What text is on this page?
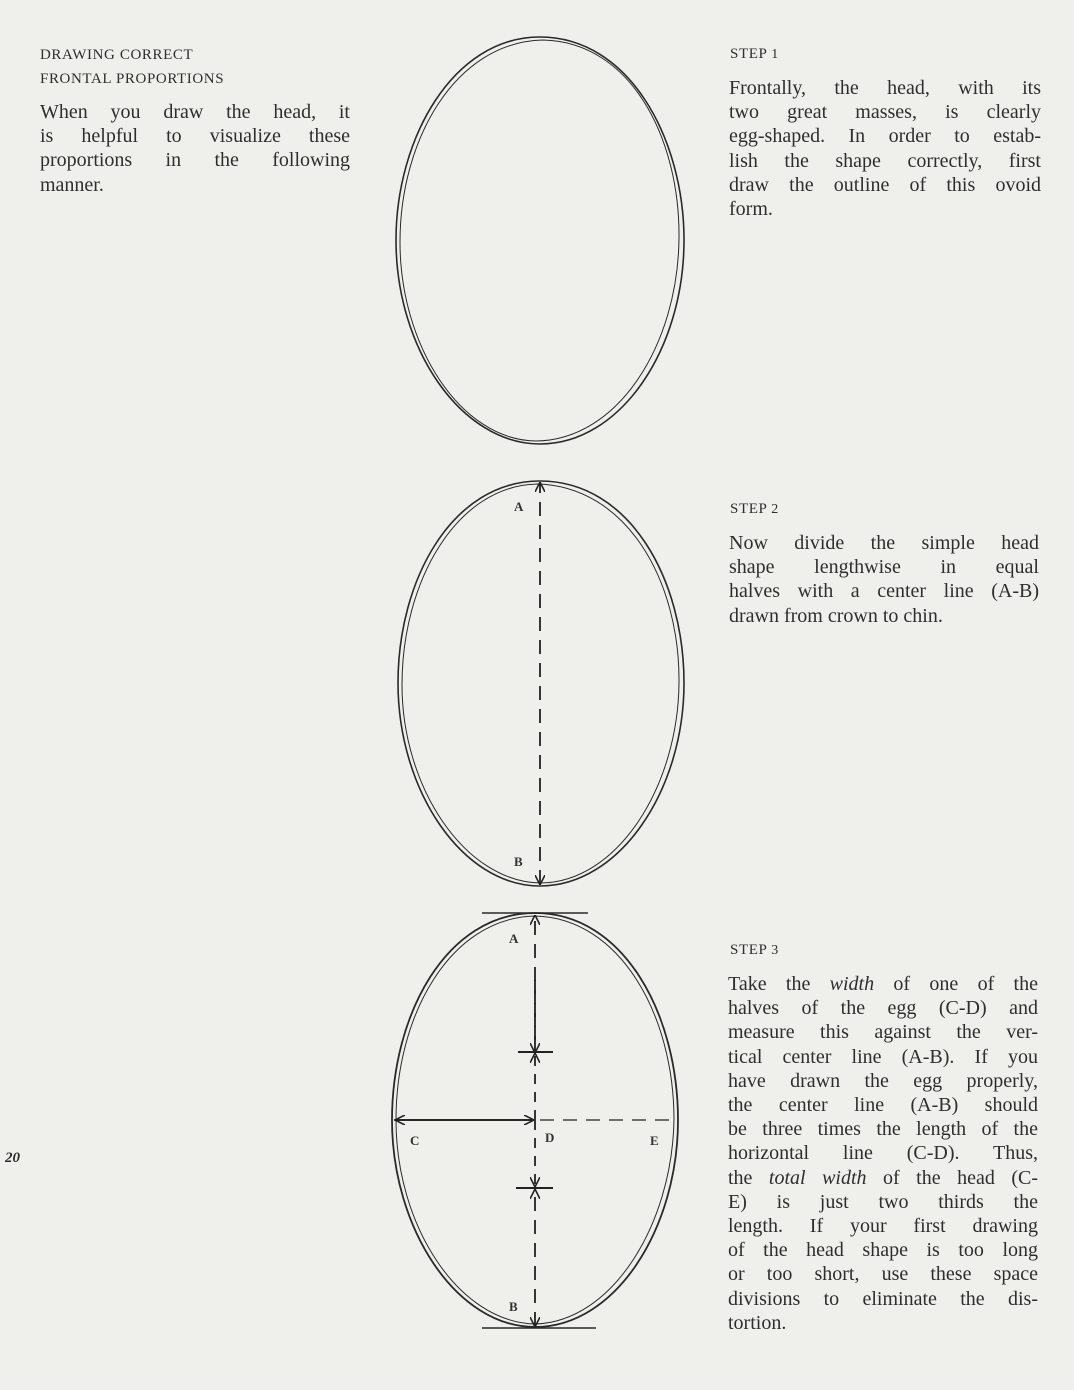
DRAWING CORRECT
FRONTAL PROPORTIONS
When you draw the head, it
is helpful to visualize these
proportions in the following
manner.
STEP 1
Frontally, the head, with its
two great masses, is clearly
egg-shaped. In order to estab-
lish the shape correctly, first
draw the outline of this ovoid
form.
STEP 2
Now divide the simple head
shape lengthwise in equal
halves with a center line (A-B)
drawn from crown to chin.
STEP 3
Take the width of one of the
halves of the egg (C-D) and
measure this against the ver-
tical center line (A-B). If you
have drawn the egg properly,
the center line (A-B) should
be three times the length of the
horizontal line (C-D). Thus,
the total width of the head (C-
E) is just two thirds the
length. If your first drawing
of the head shape is too long
or too short, use these space
divisions to eliminate the dis-
tortion.
20
A
B
A
B
C	D	E
